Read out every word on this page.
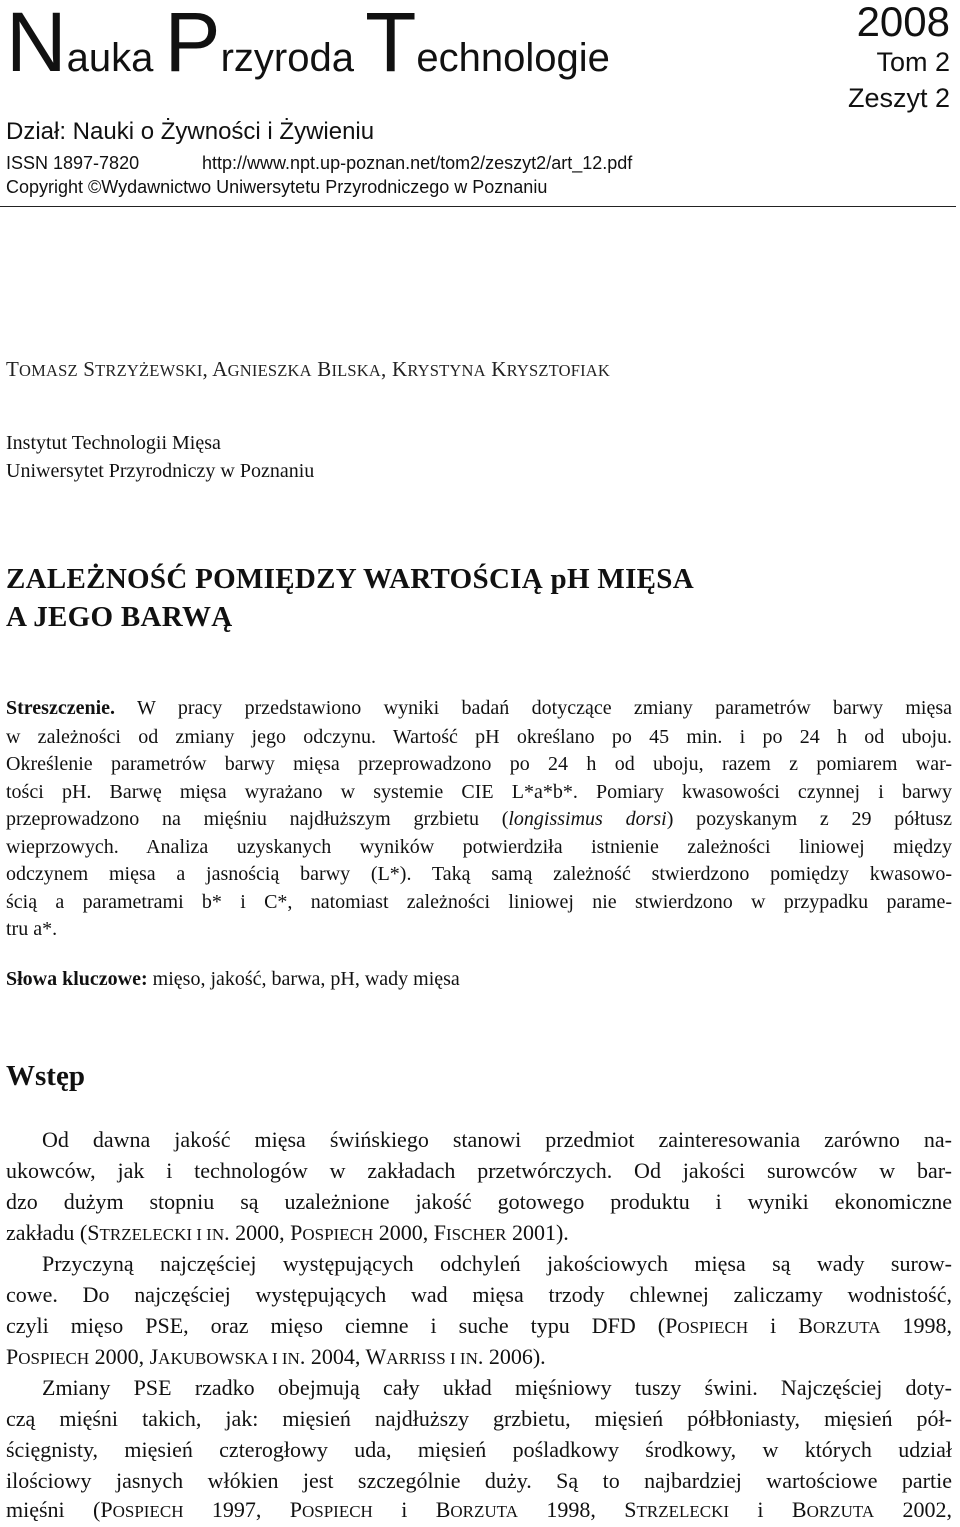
Nauka Przyroda Technologie
2008
Tom 2
Zeszyt 2
Dział: Nauki o Żywności i Żywieniu
ISSN 1897-7820	http://www.npt.up-poznan.net/tom2/zeszyt2/art_12.pdf
Copyright ©Wydawnictwo Uniwersytetu Przyrodniczego w Poznaniu
TOMASZ STRZYŻEWSKI, AGNIESZKA BILSKA, KRYSTYNA KRYSZTOFIAK
Instytut Technologii Mięsa
Uniwersytet Przyrodniczy w Poznaniu
ZALEŻNOŚĆ POMIĘDZY WARTOŚCIĄ pH MIĘSA
A JEGO BARWĄ
Streszczenie. W pracy przedstawiono wyniki badań dotyczące zmiany parametrów barwy mięsa
w zależności od zmiany jego odczynu. Wartość pH określano po 45 min. i po 24 h od uboju.
Określenie parametrów barwy mięsa przeprowadzono po 24 h od uboju, razem z pomiarem war-
tości pH. Barwę mięsa wyrażano w systemie CIE L*a*b*. Pomiary kwasowości czynnej i barwy
przeprowadzono na mięśniu najdłuższym grzbietu (longissimus dorsi) pozyskanym z 29 półtusz
wieprzowych. Analiza uzyskanych wyników potwierdziła istnienie zależności liniowej między
odczynem mięsa a jasnością barwy (L*). Taką samą zależność stwierdzono pomiędzy kwasowo-
ścią a parametrami b* i C*, natomiast zależności liniowej nie stwierdzono w przypadku parame-
tru a*.
Słowa kluczowe: mięso, jakość, barwa, pH, wady mięsa
Wstęp
Od dawna jakość mięsa świńskiego stanowi przedmiot zainteresowania zarówno na-
ukowców, jak i technologów w zakładach przetwórczych. Od jakości surowców w bar-
dzo dużym stopniu są uzależnione jakość gotowego produktu i wyniki ekonomiczne
zakładu (STRZELECKI I IN. 2000, POSPIECH 2000, FISCHER 2001).
Przyczyną najczęściej występujących odchyleń jakościowych mięsa są wady surow-
cowe. Do najczęściej występujących wad mięsa trzody chlewnej zaliczamy wodnistość,
czyli mięso PSE, oraz mięso ciemne i suche typu DFD (POSPIECH i BORZUTA 1998,
POSPIECH 2000, JAKUBOWSKA I IN. 2004, WARRISS I IN. 2006).
Zmiany PSE rzadko obejmują cały układ mięśniowy tuszy świni. Najczęściej doty-
czą mięśni takich, jak: mięsień najdłuższy grzbietu, mięsień półbłoniasty, mięsień pół-
ścięgnisty, mięsień czterogłowy uda, mięsień pośladkowy środkowy, w których udział
ilościowy jasnych włókien jest szczególnie duży. Są to najbardziej wartościowe partie
mięśni (POSPIECH 1997, POSPIECH i BORZUTA 1998, STRZELECKI i BORZUTA 2002,
